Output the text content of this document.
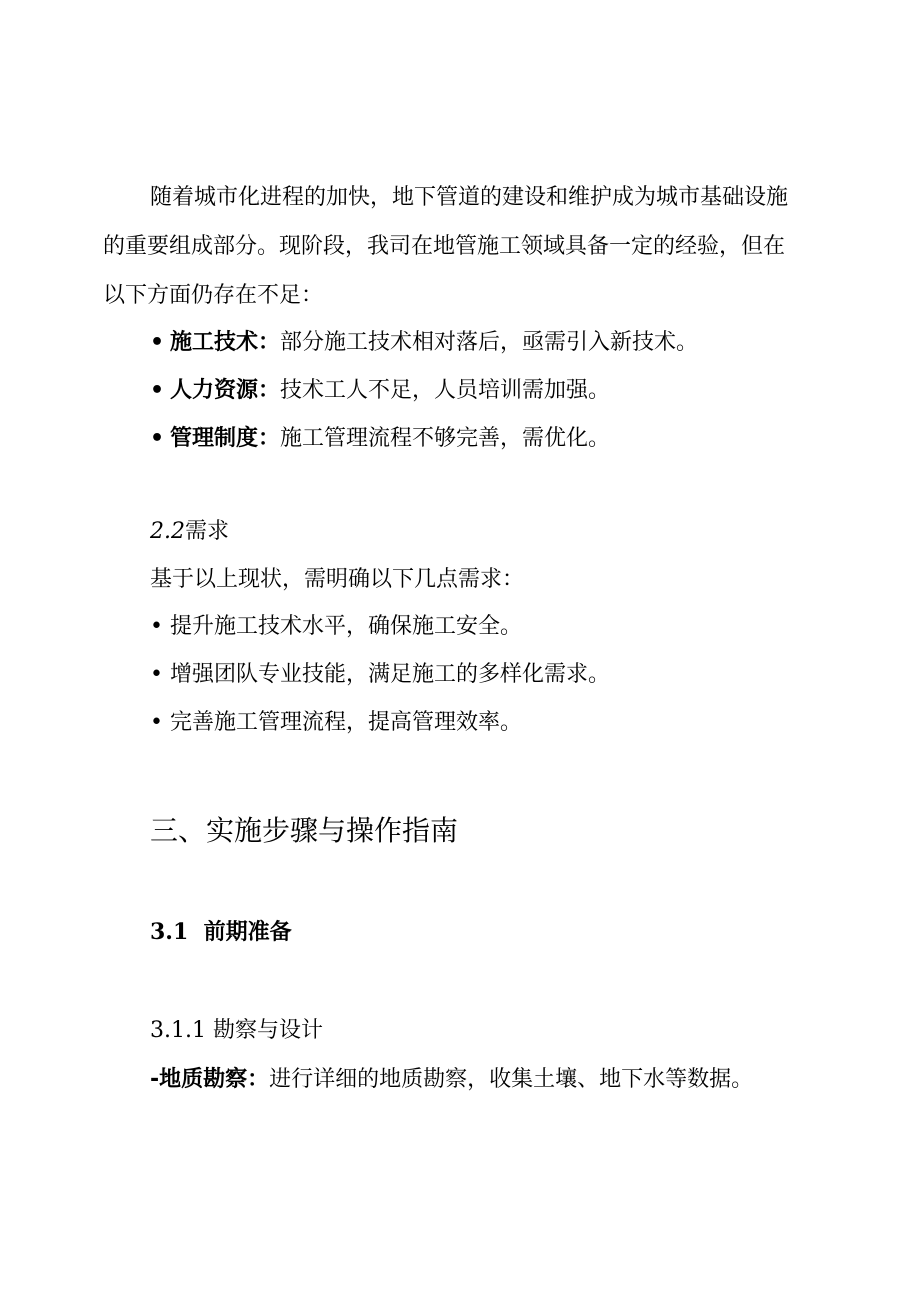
随着城市化进程的加快，地下管道的建设和维护成为城市基础设施
的重要组成部分。现阶段，我司在地管施工领域具备一定的经验，但在
以下方面仍存在不足：
• 施工技术：部分施工技术相对落后，亟需引入新技术。
• 人力资源：技术工人不足，人员培训需加强。
• 管理制度：施工管理流程不够完善，需优化。
2.2需求
基于以上现状，需明确以下几点需求：
• 提升施工技术水平，确保施工安全。
• 增强团队专业技能，满足施工的多样化需求。
• 完善施工管理流程，提高管理效率。
三、实施步骤与操作指南
3.1  前期准备
3.1.1 勘察与设计
-地质勘察：进行详细的地质勘察，收集土壤、地下水等数据。
